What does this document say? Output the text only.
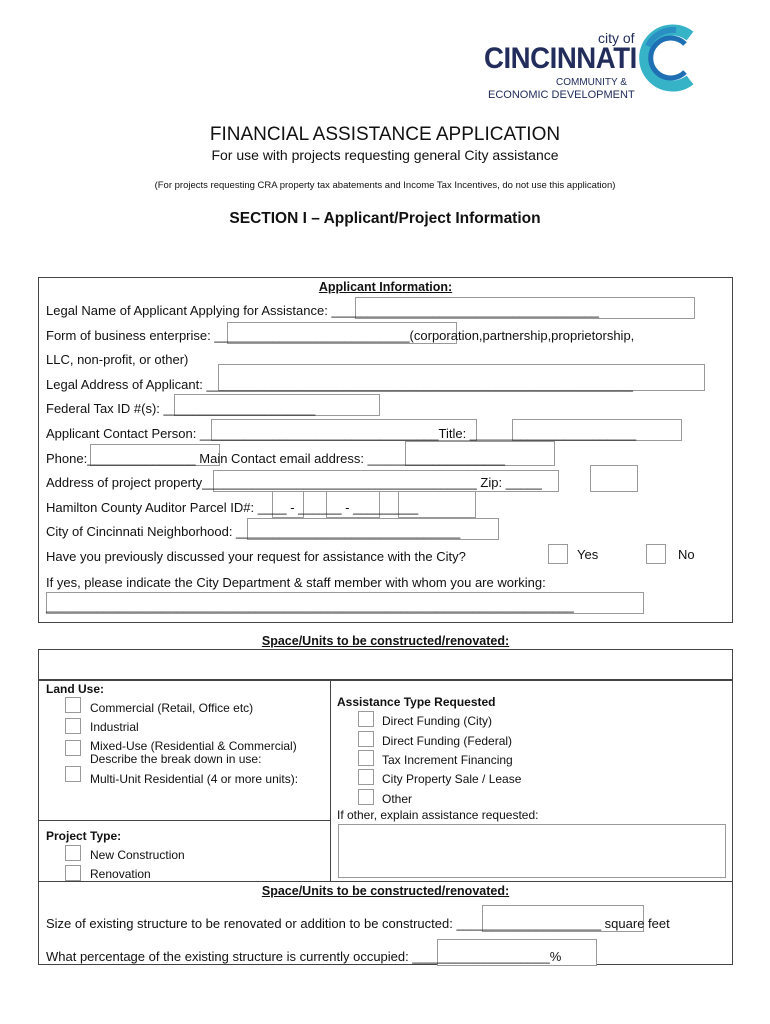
city of
CINCINNATI
COMMUNITY &
ECONOMIC DEVELOPMENT
FINANCIAL ASSISTANCE APPLICATION
For use with projects requesting general City assistance
(For projects requesting CRA property tax abatements and Income Tax Incentives, do not use this application)
SECTION I – Applicant/Project Information
Applicant Information:
Legal Name of Applicant Applying for Assistance: _____________________________________
Form of business enterprise: ___________________________(corporation,partnership,proprietorship,
LLC, non-profit, or other)
Legal Address of Applicant: ___________________________________________________________
Federal Tax ID #(s): _____________________
Applicant Contact Person: _________________________________Title: _______________________
Phone:_______________ Main Contact email address: ___________________
Address of project property______________________________________ Zip: _____
Hamilton County Auditor Parcel ID#: ____ - ______ - _________
City of Cincinnati Neighborhood: _______________________________
Have you previously discussed your request for assistance with the City?	Yes	No
If yes, please indicate the City Department & staff member with whom you are working:
_________________________________________________________________________
Space/Units to be constructed/renovated:
Land Use:
Commercial (Retail, Office etc)
Industrial
Mixed-Use (Residential & Commercial)
Describe the break down in use:
Multi-Unit Residential (4 or more units):
Assistance Type Requested
Direct Funding (City)
Direct Funding (Federal)
Tax Increment Financing
City Property Sale / Lease
Other
If other, explain assistance requested:
Project Type:
New Construction
Renovation
Space/Units to be constructed/renovated:
Size of existing structure to be renovated or addition to be constructed: ____________________ square feet
What percentage of the existing structure is currently occupied: ___________________%
